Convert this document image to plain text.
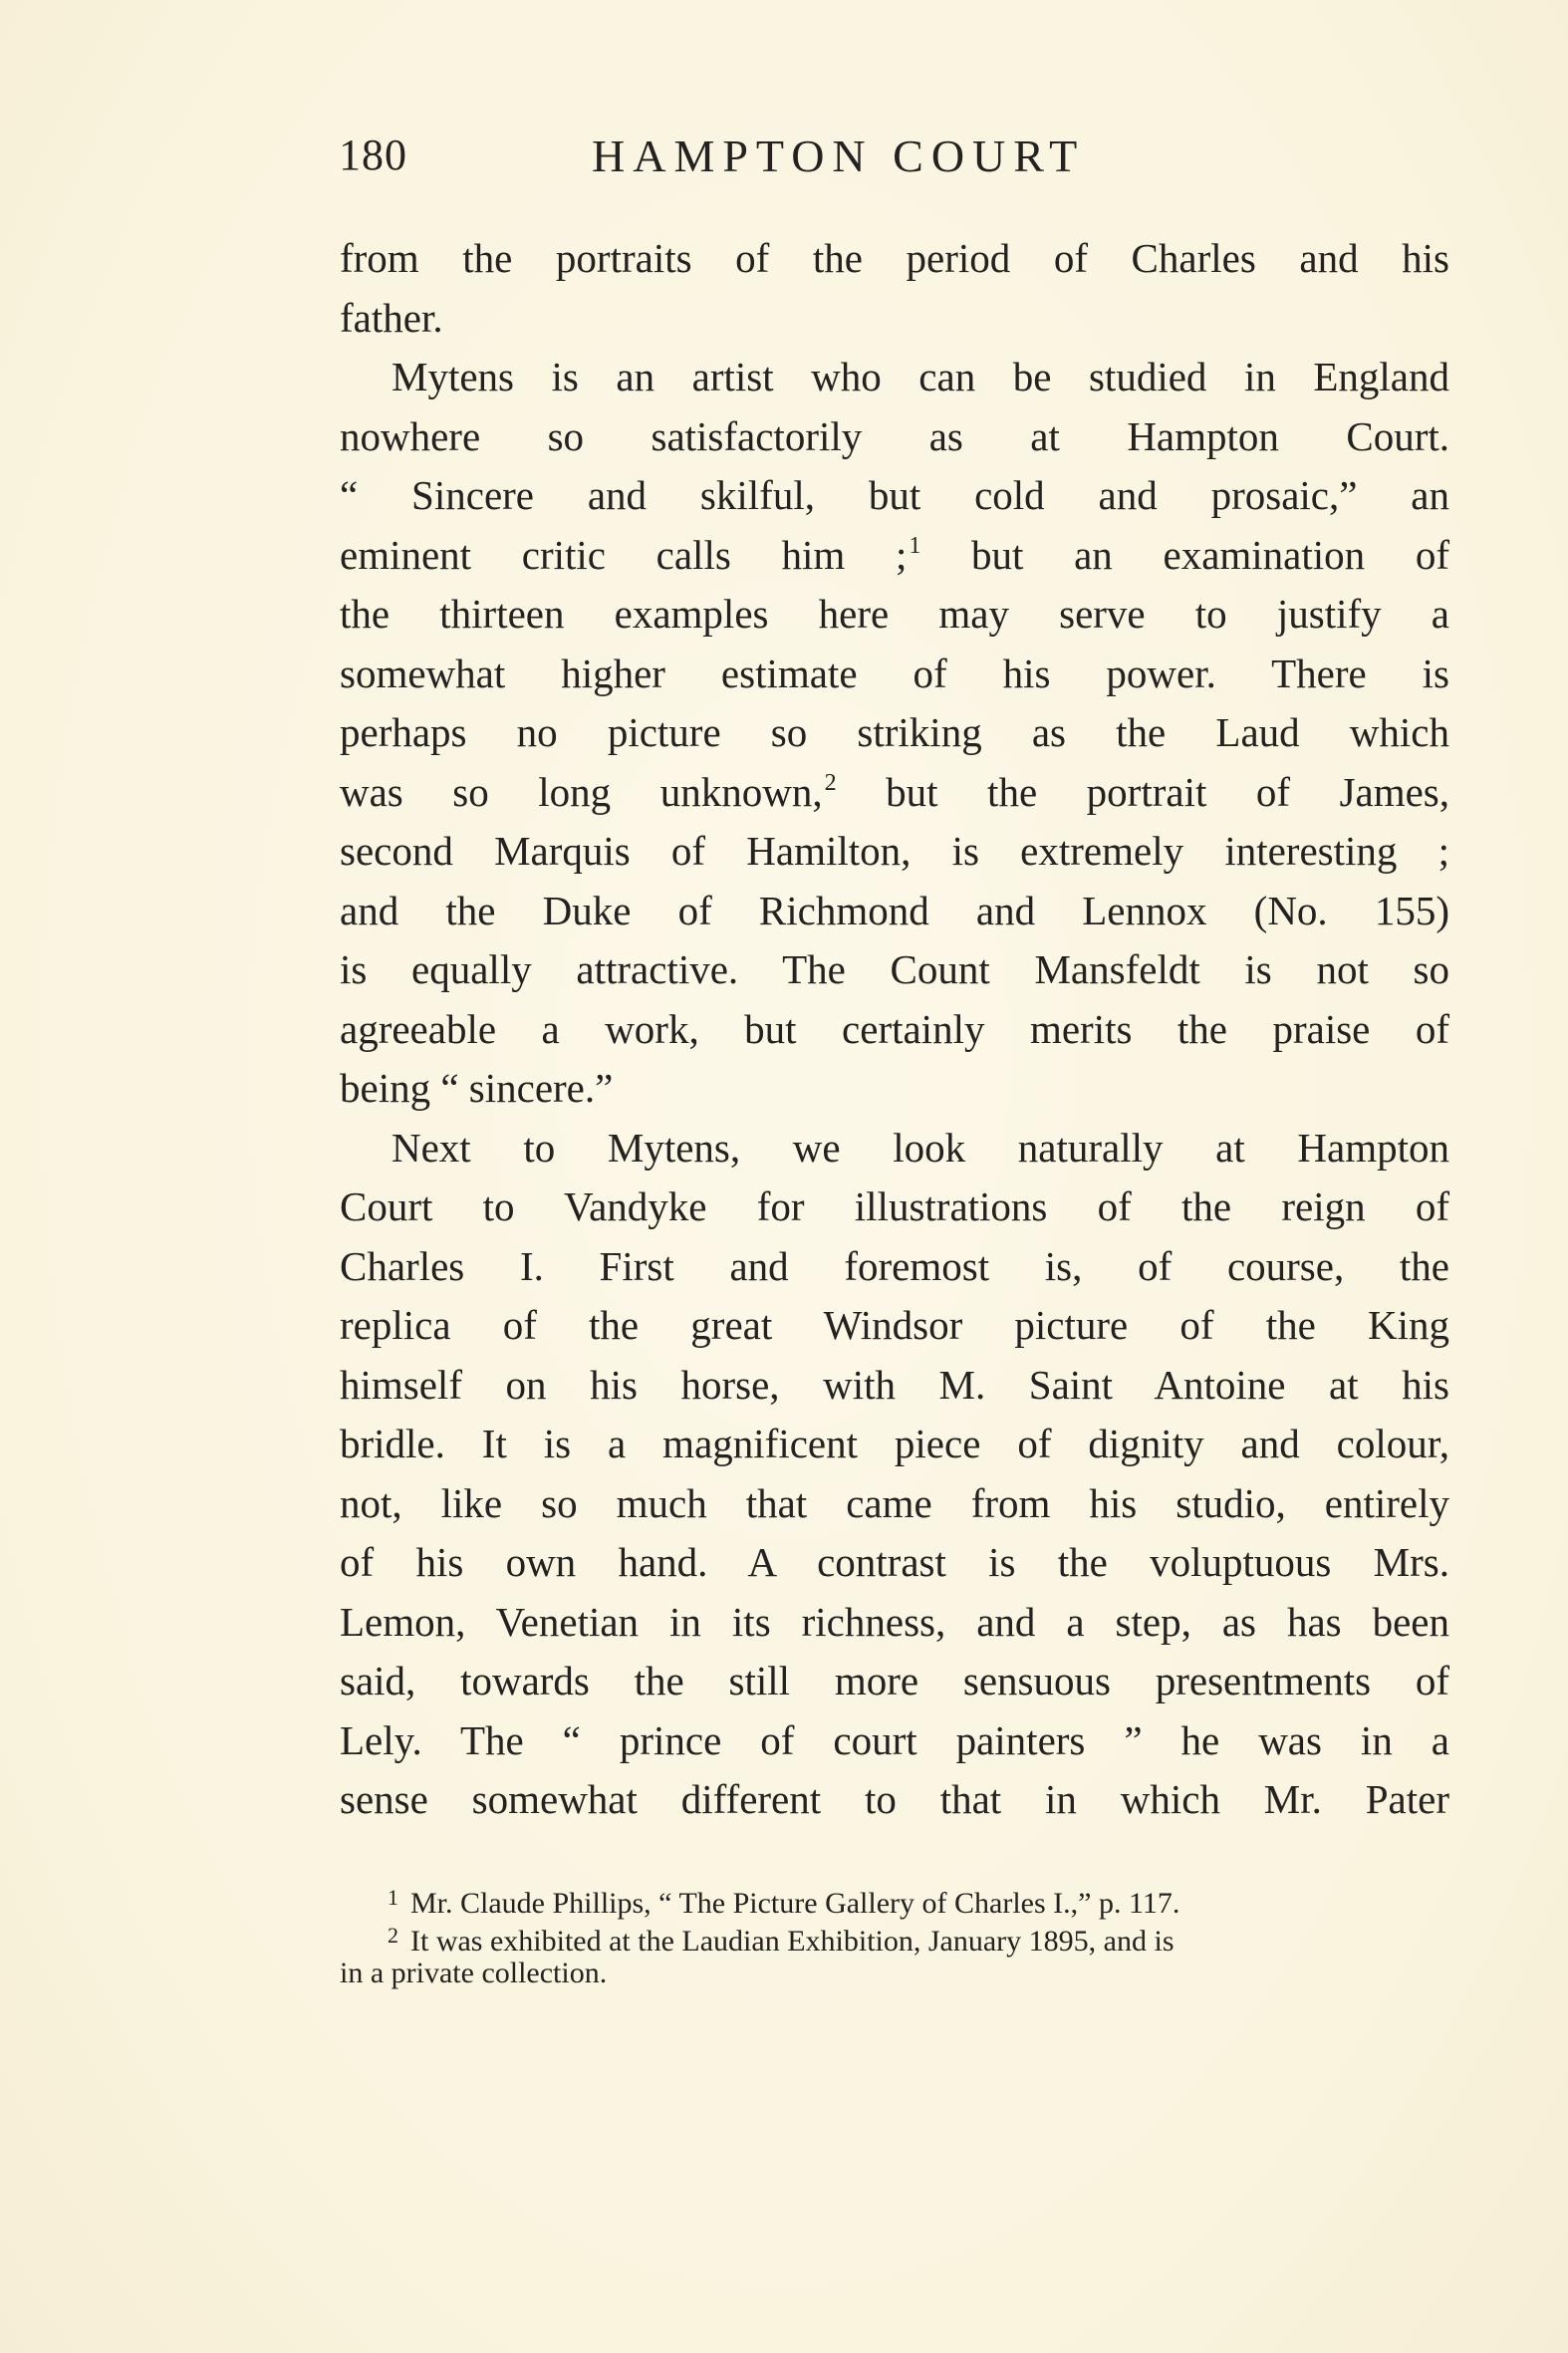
180	HAMPTON COURT
from the portraits of the period of Charles and his
father.
Mytens is an artist who can be studied in England
nowhere so satisfactorily as at Hampton Court.
“ Sincere and skilful, but cold and prosaic,” an
eminent critic calls him ;$^1$ but an examination of
the thirteen examples here may serve to justify a
somewhat higher estimate of his power. There is
perhaps no picture so striking as the Laud which
was so long unknown,$^2$ but the portrait of James,
second Marquis of Hamilton, is extremely interesting ;
and the Duke of Richmond and Lennox (No. 155)
is equally attractive. The Count Mansfeldt is not so
agreeable a work, but certainly merits the praise of
being “ sincere.”
Next to Mytens, we look naturally at Hampton
Court to Vandyke for illustrations of the reign of
Charles I. First and foremost is, of course, the
replica of the great Windsor picture of the King
himself on his horse, with M. Saint Antoine at his
bridle. It is a magnificent piece of dignity and colour,
not, like so much that came from his studio, entirely
of his own hand. A contrast is the voluptuous Mrs.
Lemon, Venetian in its richness, and a step, as has been
said, towards the still more sensuous presentments of
Lely. The “ prince of court painters ” he was in a
sense somewhat different to that in which Mr. Pater
$^1$ Mr. Claude Phillips, “ The Picture Gallery of Charles I.,” p. 117.
$^2$ It was exhibited at the Laudian Exhibition, January 1895, and is
in a private collection.
